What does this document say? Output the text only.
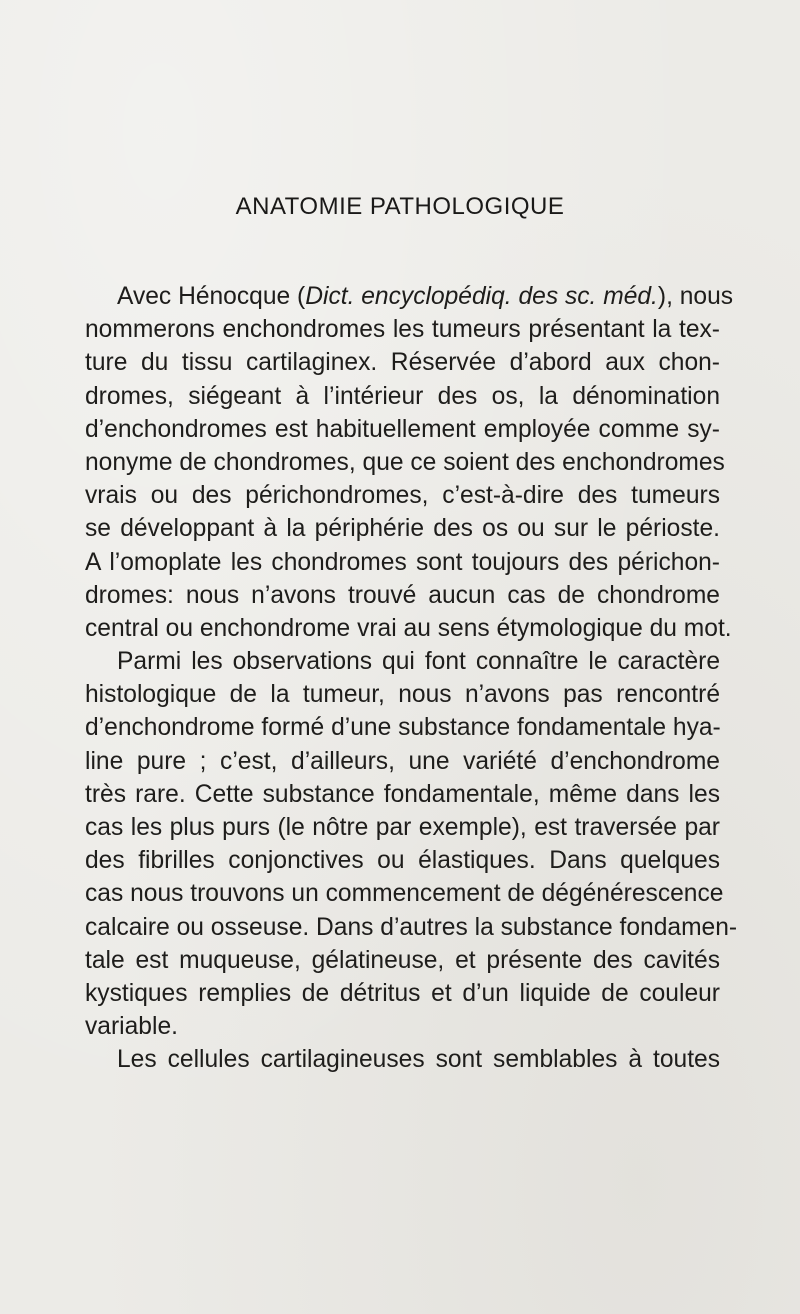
ANATOMIE PATHOLOGIQUE
Avec Hénocque (Dict. encyclopédiq. des sc. méd.), nous
nommerons enchondromes les tumeurs présentant la tex-
ture du tissu cartilaginex. Réservée d’abord aux chon-
dromes, siégeant à l’intérieur des os, la dénomination
d’enchondromes est habituellement employée comme sy-
nonyme de chondromes, que ce soient des enchondromes
vrais ou des périchondromes, c’est-à-dire des tumeurs
se développant à la périphérie des os ou sur le périoste.
A l’omoplate les chondromes sont toujours des périchon-
dromes: nous n’avons trouvé aucun cas de chondrome
central ou enchondrome vrai au sens étymologique du mot.
Parmi les observations qui font connaître le caractère
histologique de la tumeur, nous n’avons pas rencontré
d’enchondrome formé d’une substance fondamentale hya-
line pure ; c’est, d’ailleurs, une variété d’enchondrome
très rare. Cette substance fondamentale, même dans les
cas les plus purs (le nôtre par exemple), est traversée par
des fibrilles conjonctives ou élastiques. Dans quelques
cas nous trouvons un commencement de dégénérescence
calcaire ou osseuse. Dans d’autres la substance fondamen-
tale est muqueuse, gélatineuse, et présente des cavités
kystiques remplies de détritus et d’un liquide de couleur
variable.
Les cellules cartilagineuses sont semblables à toutes
